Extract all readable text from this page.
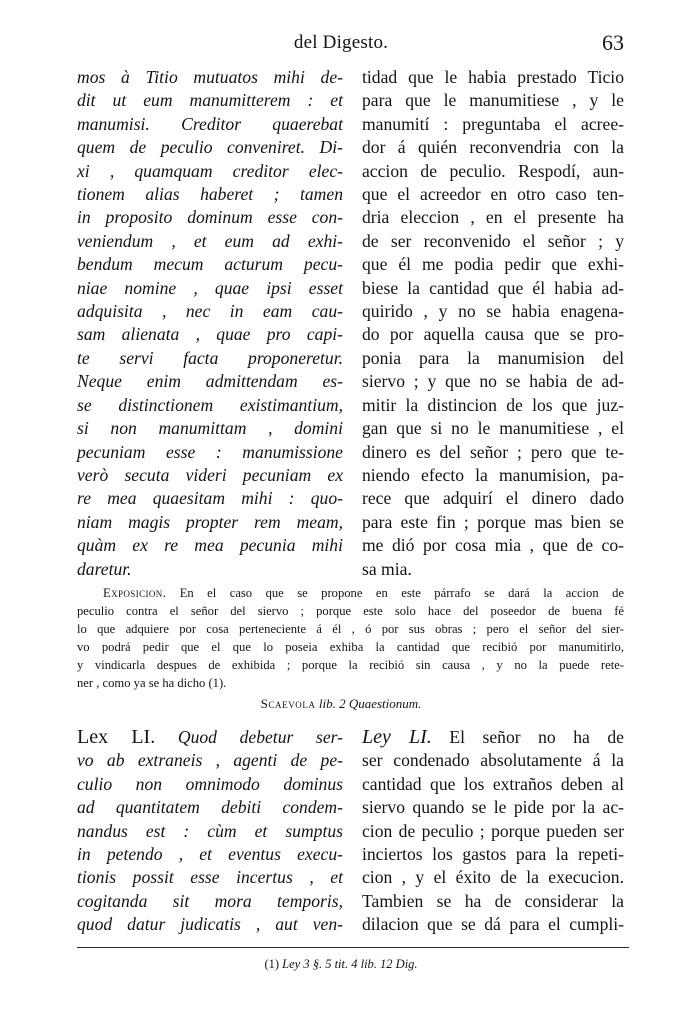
del Digesto.	63
mos à Titio mutuatos mihi de-
dit ut eum manumitterem : et
manumisi. Creditor quaerebat
quem de peculio conveniret. Di-
xi , quamquam creditor elec-
tionem alias haberet ; tamen
in proposito dominum esse con-
veniendum , et eum ad exhi-
bendum mecum acturum pecu-
niae nomine , quae ipsi esset
adquisita , nec in eam cau-
sam alienata , quae pro capi-
te servi facta proponeretur.
Neque enim admittendam es-
se distinctionem existimantium,
si non manumittam , domini
pecuniam esse : manumissione
verò secuta videri pecuniam ex
re mea quaesitam mihi : quo-
niam magis propter rem meam,
quàm ex re mea pecunia mihi
daretur.
tidad que le habia prestado Ticio
para que le manumitiese , y le
manumití : preguntaba el acree-
dor á quién reconvendria con la
accion de peculio. Respodí, aun-
que el acreedor en otro caso ten-
dria eleccion , en el presente ha
de ser reconvenido el señor ; y
que él me podia pedir que exhi-
biese la cantidad que él habia ad-
quirido , y no se habia enagena-
do por aquella causa que se pro-
ponia para la manumision del
siervo ; y que no se habia de ad-
mitir la distincion de los que juz-
gan que si no le manumitiese , el
dinero es del señor ; pero que te-
niendo efecto la manumision, pa-
rece que adquirí el dinero dado
para este fin ; porque mas bien se
me dió por cosa mia , que de co-
sa mia.
Exposicion. En el caso que se propone en este párrafo se dará la accion de
peculio contra el señor del siervo ; porque este solo hace del poseedor de buena fé
lo que adquiere por cosa perteneciente á él , ó por sus obras ; pero el señor del sier-
vo podrá pedir que el que lo poseia exhiba la cantidad que recibió por manumitirlo,
y vindicarla despues de exhibida ; porque la recibió sin causa , y no la puede rete-
ner , como ya se ha dicho (1).
Scaevola lib. 2 Quaestionum.
Lex LI. Quod debetur ser-
vo ab extraneis , agenti de pe-
culio non omnimodo dominus
ad quantitatem debiti condem-
nandus est : cùm et sumptus
in petendo , et eventus execu-
tionis possit esse incertus , et
cogitanda sit mora temporis,
quod datur judicatis , aut ven-
Ley LI. El señor no ha de
ser condenado absolutamente á la
cantidad que los extraños deben al
siervo quando se le pide por la ac-
cion de peculio ; porque pueden ser
inciertos los gastos para la repeti-
cion , y el éxito de la execucion.
Tambien se ha de considerar la
dilacion que se dá para el cumpli-
(1) Ley 3 §. 5 tit. 4 lib. 12 Dig.
